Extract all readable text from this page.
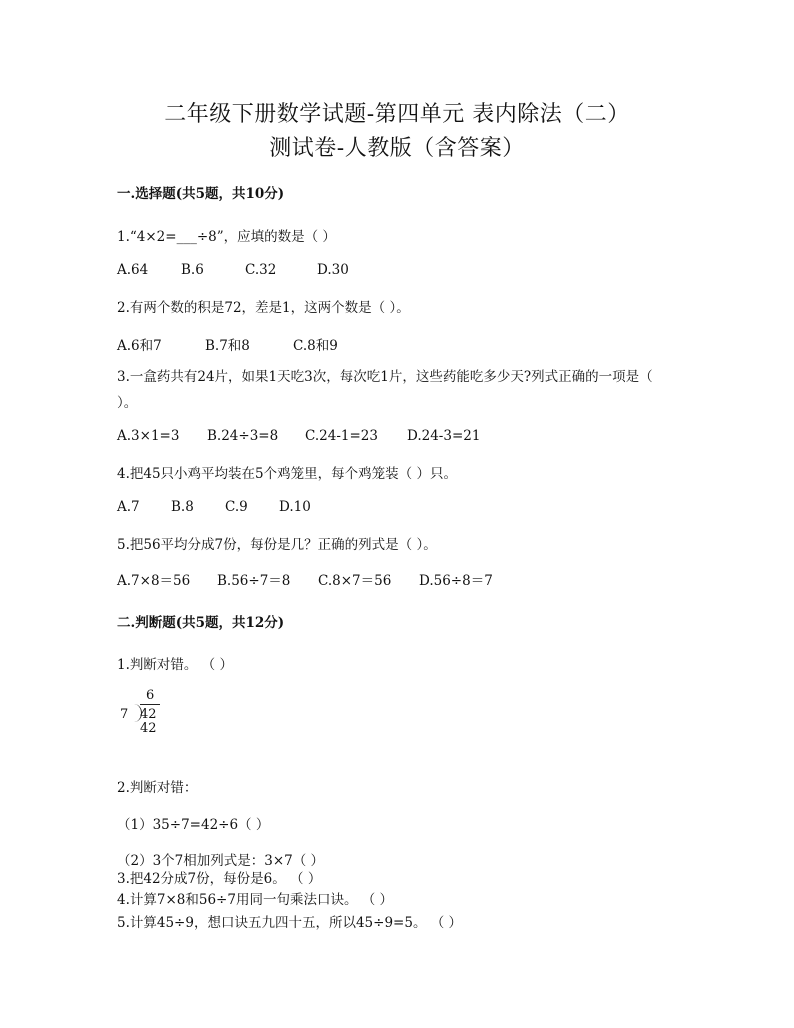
二年级下册数学试题-第四单元 表内除法（二）
测试卷-人教版（含答案）
一.选择题(共5题，共10分)
1.“4×2=___÷8”，应填的数是（ ）
A.64	B.6	C.32	D.30
2.有两个数的积是72，差是1，这两个数是（ ）。
A.6和7	B.7和8	C.8和9
3.一盒药共有24片，如果1天吃3次，每次吃1片，这些药能吃多少天?列式正确的一项是（ ）。
A.3×1=3	B.24÷3=8	C.24-1=23	D.24-3=21
4.把45只小鸡平均装在5个鸡笼里，每个鸡笼装（ ）只。
A.7	B.8	C.9	D.10
5.把56平均分成7份，每份是几？正确的列式是（ ）。
A.7×8＝56	B.56÷7＝8	C.8×7＝56	D.56÷8＝7
二.判断题(共5题，共12分)
1.判断对错。 （ ）
6
7 42
42
2.判断对错：
（1）35÷7=42÷6（ ）
（2）3个7相加列式是：3×7（ ）
3.把42分成7份，每份是6。 （ ）
4.计算7×8和56÷7用同一句乘法口诀。 （ ）
5.计算45÷9，想口诀五九四十五，所以45÷9=5。 （ ）
